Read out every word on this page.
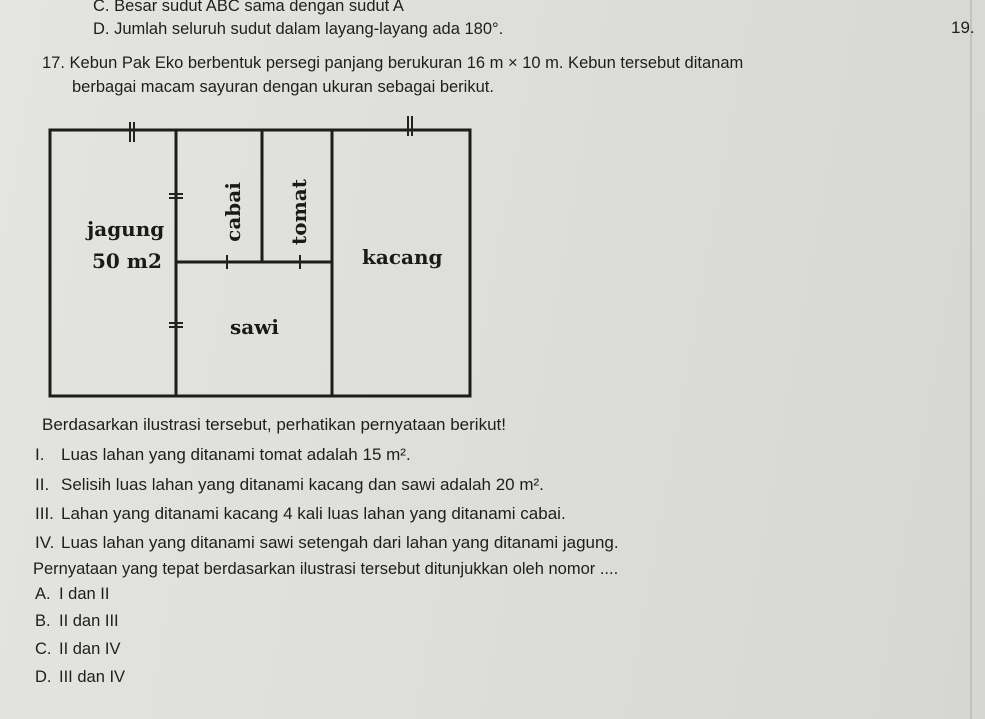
C. Besar sudut ABC sama dengan sudut A
D. Jumlah seluruh sudut dalam layang-layang ada 180°.	19.
17. Kebun Pak Eko berbentuk persegi panjang berukuran 16 m × 10 m. Kebun tersebut ditanam
berbagai macam sayuran dengan ukuran sebagai berikut.
jagung
50 m2
cabai tomat
kacang
sawi
Berdasarkan ilustrasi tersebut, perhatikan pernyataan berikut!
I. Luas lahan yang ditanami tomat adalah 15 m².
II. Selisih luas lahan yang ditanami kacang dan sawi adalah 20 m².
III. Lahan yang ditanami kacang 4 kali luas lahan yang ditanami cabai.
IV. Luas lahan yang ditanami sawi setengah dari lahan yang ditanami jagung.
Pernyataan yang tepat berdasarkan ilustrasi tersebut ditunjukkan oleh nomor ....
A. I dan II
B. II dan III
C. II dan IV
D. III dan IV
